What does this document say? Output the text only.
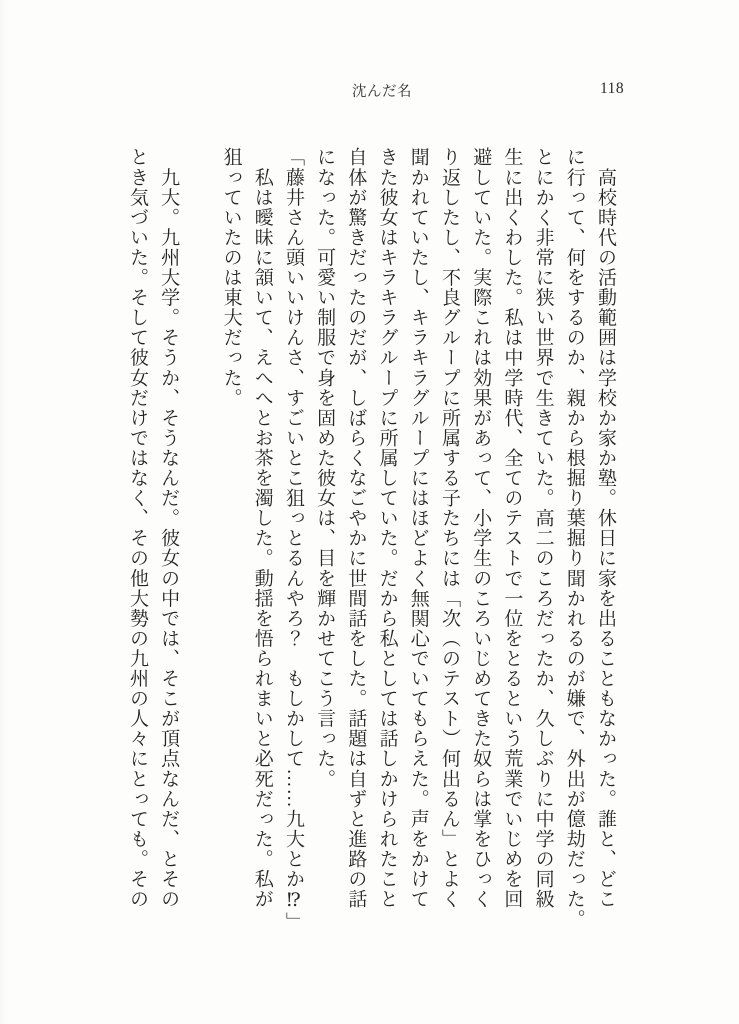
沈んだ名	118
　高校時代の活動範囲は学校か家か塾。休日に家を出ることもなかった。誰と、どこ
に行って、何をするのか、親から根掘り葉掘り聞かれるのが嫌で、外出が億劫だった。
とにかく非常に狭い世界で生きていた。高二のころだったか、久しぶりに中学の同級
生に出くわした。私は中学時代、全てのテストで一位をとるという荒業でいじめを回
避していた。実際これは効果があって、小学生のころいじめてきた奴らは掌をひっく
り返したし、不良グループに所属する子たちには「次（のテスト）何出るん」とよく
聞かれていたし、キラキラグループにはほどよく無関心でいてもらえた。声をかけて
きた彼女はキラキラグループに所属していた。だから私としては話しかけられたこと
自体が驚きだったのだが、しばらくなごやかに世間話をした。話題は自ずと進路の話
になった。可愛い制服で身を固めた彼女は、目を輝かせてこう言った。
「藤井さん頭いいけんさ、すごいとこ狙っとるんやろ？　もしかして……九大とか⁉」
　私は曖昧に頷いて、えへへとお茶を濁した。動揺を悟られまいと必死だった。私が
狙っていたのは東大だった。

　九大。九州大学。そうか、そうなんだ。彼女の中では、そこが頂点なんだ、とその
とき気づいた。そして彼女だけではなく、その他大勢の九州の人々にとっても。その
